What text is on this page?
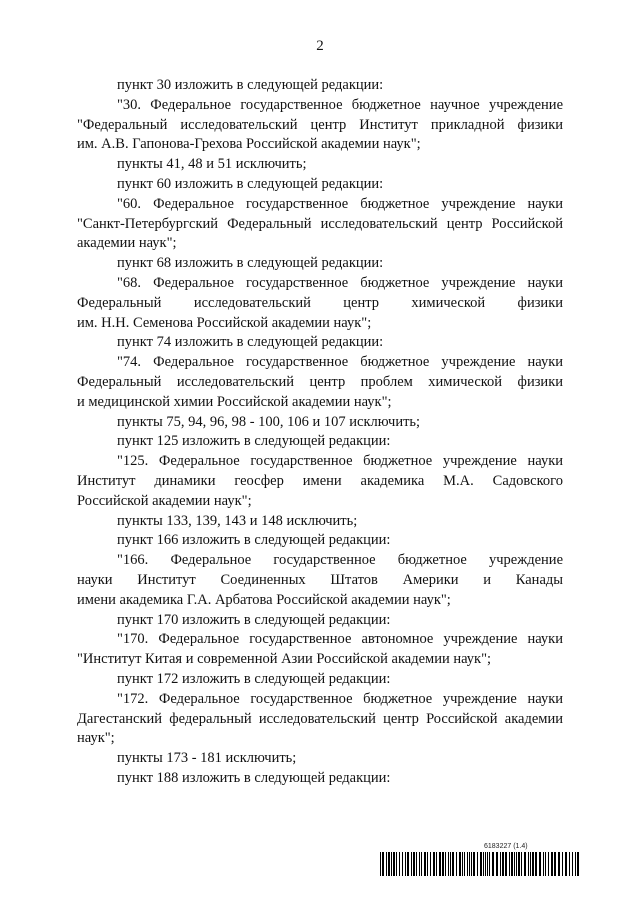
2
пункт 30 изложить в следующей редакции:
"30. Федеральное государственное бюджетное научное учреждение
"Федеральный исследовательский центр Институт прикладной физики
им. А.В. Гапонова-Грехова Российской академии наук";
пункты 41, 48 и 51 исключить;
пункт 60 изложить в следующей редакции:
"60. Федеральное государственное бюджетное учреждение науки
"Санкт-Петербургский Федеральный исследовательский центр Российской
академии наук";
пункт 68 изложить в следующей редакции:
"68. Федеральное государственное бюджетное учреждение науки
Федеральный исследовательский центр химической физики
им. Н.Н. Семенова Российской академии наук";
пункт 74 изложить в следующей редакции:
"74. Федеральное государственное бюджетное учреждение науки
Федеральный исследовательский центр проблем химической физики
и медицинской химии Российской академии наук";
пункты 75, 94, 96, 98 - 100, 106 и 107 исключить;
пункт 125 изложить в следующей редакции:
"125. Федеральное государственное бюджетное учреждение науки
Институт динамики геосфер имени академика М.А. Садовского
Российской академии наук";
пункты 133, 139, 143 и 148 исключить;
пункт 166 изложить в следующей редакции:
"166. Федеральное государственное бюджетное учреждение
науки Институт Соединенных Штатов Америки и Канады
имени академика Г.А. Арбатова Российской академии наук";
пункт 170 изложить в следующей редакции:
"170. Федеральное государственное автономное учреждение науки
"Институт Китая и современной Азии Российской академии наук";
пункт 172 изложить в следующей редакции:
"172. Федеральное государственное бюджетное учреждение науки
Дагестанский федеральный исследовательский центр Российской академии
наук";
пункты 173 - 181 исключить;
пункт 188 изложить в следующей редакции:
6183227 (1.4)
